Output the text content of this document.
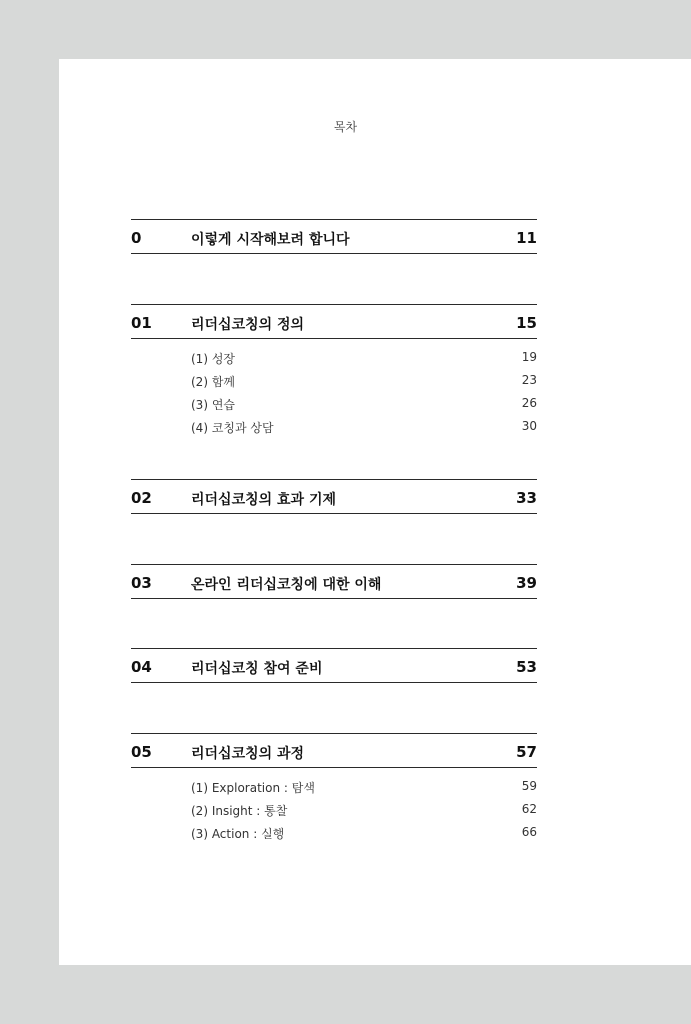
목차
0	이렇게 시작해보려 합니다	11
01	리더십코칭의 정의	15
(1) 성장	19
(2) 함께	23
(3) 연습	26
(4) 코칭과 상담	30
02	리더십코칭의 효과 기제	33
03	온라인 리더십코칭에 대한 이해	39
04	리더십코칭 참여 준비	53
05	리더십코칭의 과정	57
(1) Exploration : 탐색	59
(2) Insight : 통찰	62
(3) Action : 실행	66
